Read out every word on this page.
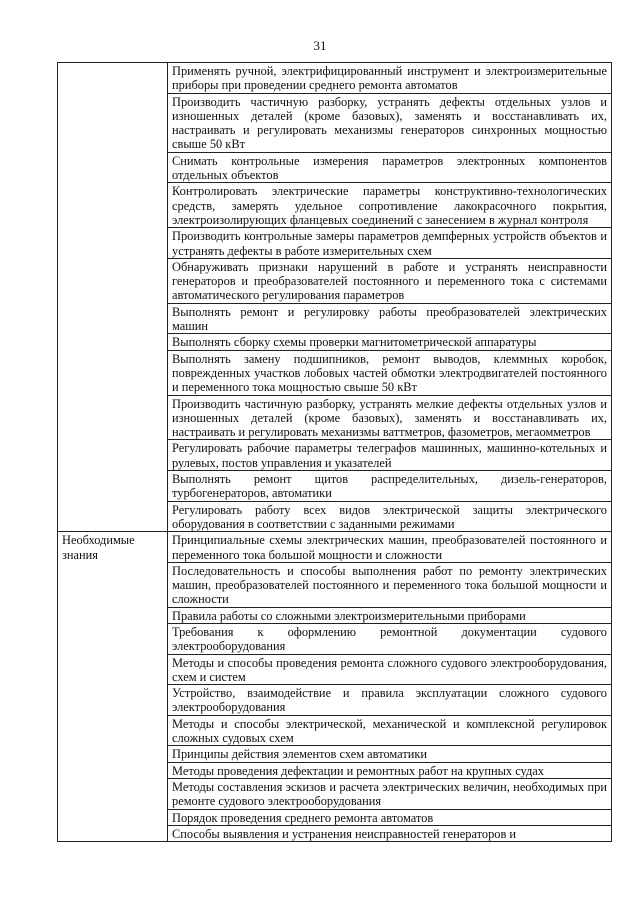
31
	Применять ручной, электрифицированный инструмент и электроизмерительные приборы при проведении среднего ремонта автоматов
	Производить частичную разборку, устранять дефекты отдельных узлов и изношенных деталей (кроме базовых), заменять и восстанавливать их, настраивать и регулировать механизмы генераторов синхронных мощностью свыше 50 кВт
	Снимать контрольные измерения параметров электронных компонентов отдельных объектов
	Контролировать электрические параметры конструктивно-технологических средств, замерять удельное сопротивление лакокрасочного покрытия, электроизолирующих фланцевых соединений с занесением в журнал контроля
	Производить контрольные замеры параметров демпферных устройств объектов и устранять дефекты в работе измерительных схем
	Обнаруживать признаки нарушений в работе и устранять неисправности генераторов и преобразователей постоянного и переменного тока с системами автоматического регулирования параметров
	Выполнять ремонт и регулировку работы преобразователей электрических машин
	Выполнять сборку схемы проверки магнитометрической аппаратуры
	Выполнять замену подшипников, ремонт выводов, клеммных коробок, поврежденных участков лобовых частей обмотки электродвигателей постоянного и переменного тока мощностью свыше 50 кВт
	Производить частичную разборку, устранять мелкие дефекты отдельных узлов и изношенных деталей (кроме базовых), заменять и восстанавливать их, настраивать и регулировать механизмы ваттметров, фазометров, мегаомметров
	Регулировать рабочие параметры телеграфов машинных, машинно-котельных и рулевых, постов управления и указателей
	Выполнять ремонт щитов распределительных, дизель-генераторов, турбогенераторов, автоматики
	Регулировать работу всех видов электрической защиты электрического оборудования в соответствии с заданными режимами
Необходимые знания	Принципиальные схемы электрических машин, преобразователей постоянного и переменного тока большой мощности и сложности
	Последовательность и способы выполнения работ по ремонту электрических машин, преобразователей постоянного и переменного тока большой мощности и сложности
	Правила работы со сложными электроизмерительными приборами
	Требования к оформлению ремонтной документации судового электрооборудования
	Методы и способы проведения ремонта сложного судового электрооборудования, схем и систем
	Устройство, взаимодействие и правила эксплуатации сложного судового электрооборудования
	Методы и способы электрической, механической и комплексной регулировок сложных судовых схем
	Принципы действия элементов схем автоматики
	Методы проведения дефектации и ремонтных работ на крупных судах
	Методы составления эскизов и расчета электрических величин, необходимых при ремонте судового электрооборудования
	Порядок проведения среднего ремонта автоматов
	Способы выявления и устранения неисправностей генераторов и
